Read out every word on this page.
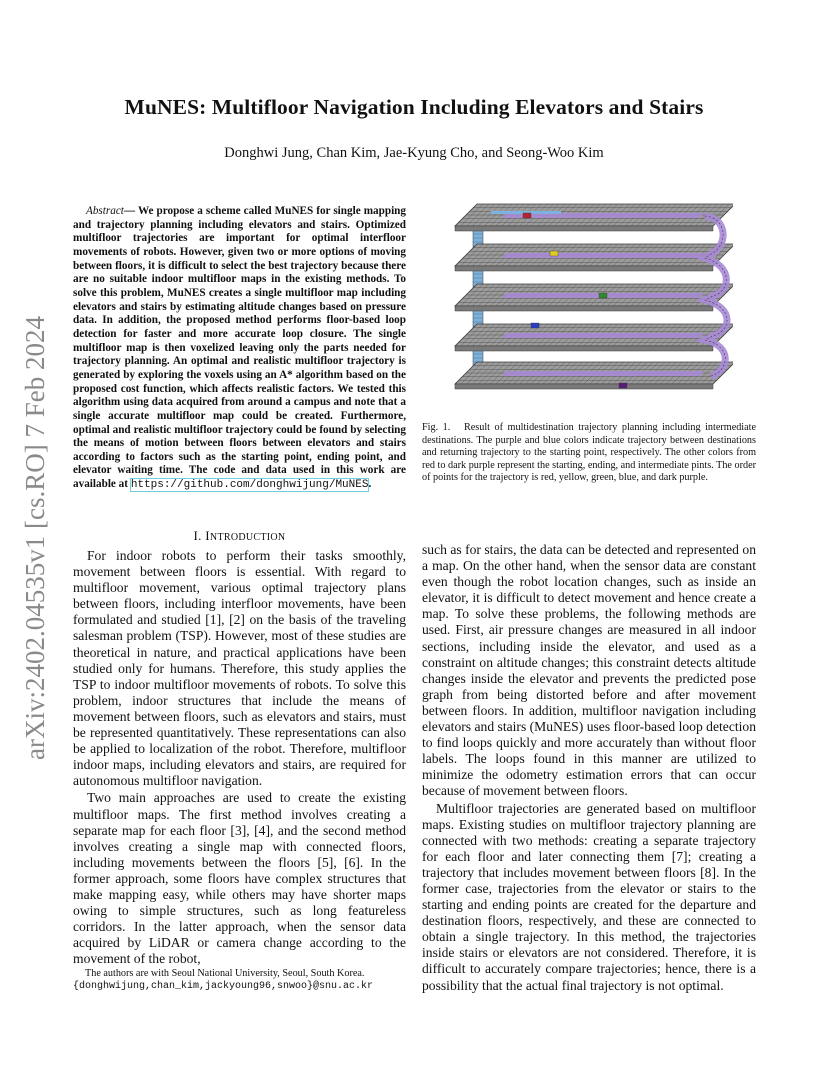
arXiv:2402.04535v1 [cs.RO] 7 Feb 2024
MuNES: Multifloor Navigation Including Elevators and Stairs
Donghwi Jung, Chan Kim, Jae-Kyung Cho, and Seong-Woo Kim
Abstract— We propose a scheme called MuNES for single mapping and trajectory planning including elevators and stairs. Optimized multifloor trajectories are important for optimal interfloor movements of robots. However, given two or more options of moving between floors, it is difficult to select the best trajectory because there are no suitable indoor multifloor maps in the existing methods. To solve this problem, MuNES creates a single multifloor map including elevators and stairs by estimating altitude changes based on pressure data. In addition, the proposed method performs floor-based loop detection for faster and more accurate loop closure. The single multifloor map is then voxelized leaving only the parts needed for trajectory planning. An optimal and realistic multifloor trajectory is generated by exploring the voxels using an A* algorithm based on the proposed cost function, which affects realistic factors. We tested this algorithm using data acquired from around a campus and note that a single accurate multifloor map could be created. Furthermore, optimal and realistic multifloor trajectory could be found by selecting the means of motion between floors between elevators and stairs according to factors such as the starting point, ending point, and elevator waiting time. The code and data used in this work are available at https://github.com/donghwijung/MuNES.
Fig. 1. Result of multidestination trajectory planning including intermediate destinations. The purple and blue colors indicate trajectory between destinations and returning trajectory to the starting point, respectively. The other colors from red to dark purple represent the starting, ending, and intermediate pints. The order of points for the trajectory is red, yellow, green, blue, and dark purple.
I. INTRODUCTION

For indoor robots to perform their tasks smoothly, movement between floors is essential. With regard to multifloor movement, various optimal trajectory plans between floors, including interfloor movements, have been formulated and studied [1], [2] on the basis of the traveling salesman problem (TSP). However, most of these studies are theoretical in nature, and practical applications have been studied only for humans. Therefore, this study applies the TSP to indoor multifloor movements of robots. To solve this problem, indoor structures that include the means of movement between floors, such as elevators and stairs, must be represented quantitatively. These representations can also be applied to localization of the robot. Therefore, multifloor indoor maps, including elevators and stairs, are required for autonomous multifloor navigation.

Two main approaches are used to create the existing multifloor maps. The first method involves creating a separate map for each floor [3], [4], and the second method involves creating a single map with connected floors, including movements between the floors [5], [6]. In the former approach, some floors have complex structures that make mapping easy, while others may have shorter maps owing to simple structures, such as long featureless corridors. In the latter approach, when the sensor data acquired by LiDAR or camera change according to the movement of the robot,

such as for stairs, the data can be detected and represented on a map. On the other hand, when the sensor data are constant even though the robot location changes, such as inside an elevator, it is difficult to detect movement and hence create a map. To solve these problems, the following methods are used. First, air pressure changes are measured in all indoor sections, including inside the elevator, and used as a constraint on altitude changes; this constraint detects altitude changes inside the elevator and prevents the predicted pose graph from being distorted before and after movement between floors. In addition, multifloor navigation including elevators and stairs (MuNES) uses floor-based loop detection to find loops quickly and more accurately than without floor labels. The loops found in this manner are utilized to minimize the odometry estimation errors that can occur because of movement between floors.

Multifloor trajectories are generated based on multifloor maps. Existing studies on multifloor trajectory planning are connected with two methods: creating a separate trajectory for each floor and later connecting them [7]; creating a trajectory that includes movement between floors [8]. In the former case, trajectories from the elevator or stairs to the starting and ending points are created for the departure and destination floors, respectively, and these are connected to obtain a single trajectory. In this method, the trajectories inside stairs or elevators are not considered. Therefore, it is difficult to accurately compare trajectories; hence, there is a possibility that the actual final trajectory is not optimal.

The authors are with Seoul National University, Seoul, South Korea.
{donghwijung,chan_kim,jackyoung96,snwoo}@snu.ac.kr
